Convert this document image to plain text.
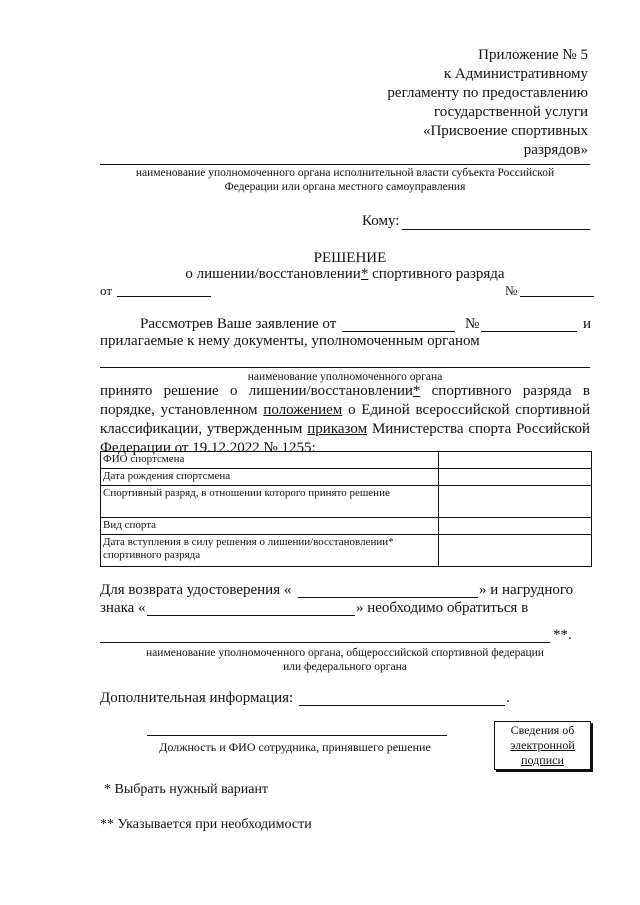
Приложение № 5
к Административному
регламенту по предоставлению
государственной услуги
«Присвоение спортивных
разрядов»
наименование уполномоченного органа исполнительной власти субъекта Российской
Федерации или органа местного самоуправления
Кому:
РЕШЕНИЕ
о лишении/восстановлении* спортивного разряда
от	№
Рассмотрев Ваше заявление от	№	и
прилагаемые к нему документы, уполномоченным органом
наименование уполномоченного органа
принято решение о лишении/восстановлении* спортивного разряда в
порядке, установленном положением о Единой всероссийской спортивной
классификации, утвержденным приказом Министерства спорта Российской
Федерации от 19.12.2022 № 1255:
ФИО спортсмена	
Дата рождения спортсмена	
Спортивный разряд, в отношении которого принято решение	
Вид спорта	
Дата вступления в силу решения о лишении/восстановлении* спортивного разряда	
Для возврата удостоверения «	» и нагрудного
знака «	» необходимо обратиться в
**.
наименование уполномоченного органа, общероссийской спортивной федерации
или федерального органа
Дополнительная информация:	.
Должность и ФИО сотрудника, принявшего решение
Сведения об
электронной
подписи
* Выбрать нужный вариант
** Указывается при необходимости
